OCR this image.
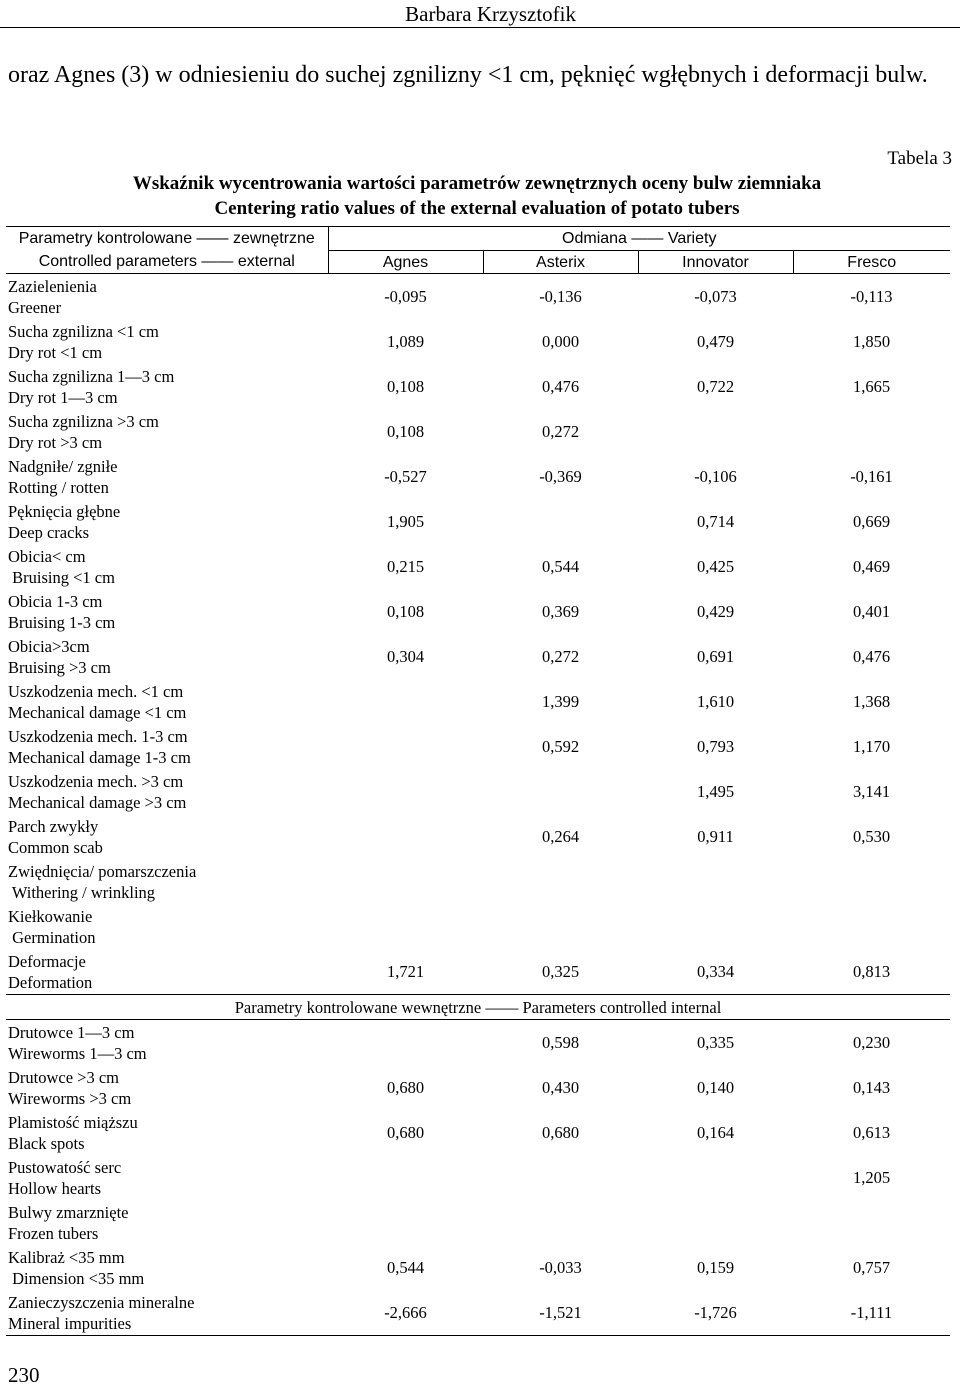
Barbara Krzysztofik
oraz Agnes (3) w odniesieniu do suchej zgnilizny <1 cm, pęknięć wgłębnych i deformacji bulw.
Tabela 3
Wskaźnik wycentrowania wartości parametrów zewnętrznych oceny bulw ziemniaka
Centering ratio values of the external evaluation of potato tubers
Parametry kontrolowane —— zewnętrzne	Odmiana —— Variety			
Controlled parameters —— external	Agnes	Asterix	Innovator	Fresco

Zazielenienia
Greener	-0,095	-0,136	-0,073	-0,113

Sucha zgnilizna <1 cm
Dry rot <1 cm	1,089	0,000	0,479	1,850

Sucha zgnilizna 1—3 cm
Dry rot 1—3 cm	0,108	0,476	0,722	1,665

Sucha zgnilizna >3 cm
Dry rot >3 cm	0,108	0,272		

Nadgniłe/ zgniłe
Rotting / rotten	-0,527	-0,369	-0,106	-0,161

Pęknięcia głębne
Deep cracks	1,905		0,714	0,669

Obicia< cm
Bruising <1 cm	0,215	0,544	0,425	0,469

Obicia 1-3 cm
Bruising 1-3 cm	0,108	0,369	0,429	0,401

Obicia>3cm
Bruising >3 cm	0,304	0,272	0,691	0,476

Uszkodzenia mech. <1 cm
Mechanical damage <1 cm		1,399	1,610	1,368

Uszkodzenia mech. 1-3 cm
Mechanical damage 1-3 cm		0,592	0,793	1,170

Uszkodzenia mech. >3 cm
Mechanical damage >3 cm			1,495	3,141

Parch zwykły
Common scab		0,264	0,911	0,530

Zwiędnięcia/ pomarszczenia
Withering / wrinkling				

Kiełkowanie
Germination				

Deformacje
Deformation	1,721	0,325	0,334	0,813
Parametry kontrolowane wewnętrzne —— Parameters controlled internal				

Drutowce 1—3 cm
Wireworms 1—3 cm		0,598	0,335	0,230

Drutowce >3 cm
Wireworms >3 cm	0,680	0,430	0,140	0,143

Plamistość miąższu
Black spots	0,680	0,680	0,164	0,613

Pustowatość serc
Hollow hearts				1,205

Bulwy zmarznięte
Frozen tubers				

Kalibraż <35 mm
Dimension <35 mm	0,544	-0,033	0,159	0,757

Zanieczyszczenia mineralne
Mineral impurities	-2,666	-1,521	-1,726	-1,111
230
